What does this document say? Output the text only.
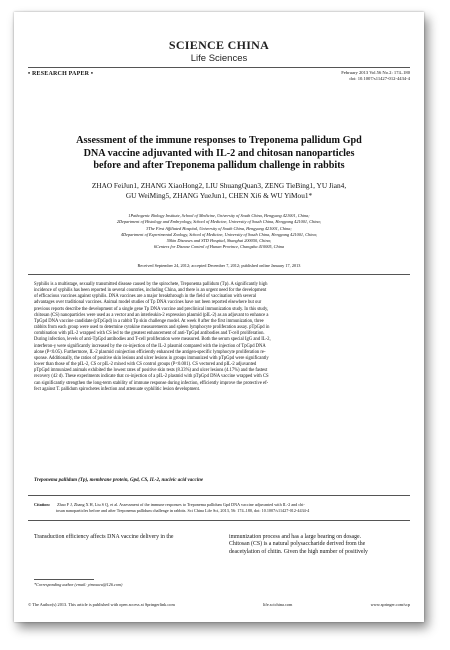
SCIENCE CHINA
Life Sciences
• RESEARCH PAPER •	February 2013 Vol.56 No.2: 174–180
doi: 10.1007/s11427-012-4434-4
Assessment of the immune responses to Treponema pallidum Gpd
DNA vaccine adjuvanted with IL-2 and chitosan nanoparticles
before and after Treponema pallidum challenge in rabbits
ZHAO FeiJun1, ZHANG XiaoHong2, LIU ShuangQuan3, ZENG TieBing1, YU Jian4,
GU WeiMing5, ZHANG YueJun1, CHEN Xi6 & WU YiMou1*
1Pathogenic Biology Institute, School of Medicine, University of South China, Hengyang 421001, China;
2Department of Histology and Embryology, School of Medicine, University of South China, Hengyang 421001, China;
3The First Affiliated Hospital, University of South China, Hengyang 421001, China;
4Department of Experimental Zoology, School of Medicine, University of South China, Hengyang 421001, China;
5Skin Diseases and STD Hospital, Shanghai 200050, China;
6Centers for Disease Control of Hunan Province, Changsha 410005, China
Received September 24, 2012; accepted December 7, 2012; published online January 17, 2013
Syphilis is a multistage, sexually transmitted disease caused by the spirochete, Treponema pallidum (Tp). A significantly high
incidence of syphilis has been reported in several countries, including China, and there is an urgent need for the development
of efficacious vaccines against syphilis. DNA vaccines are a major breakthrough in the field of vaccination with several
advantages over traditional vaccines. Animal model studies of Tp DNA vaccines have not been reported elsewhere but our
previous reports describe the development of a single gene Tp DNA vaccine and preclinical immunization study. In this study,
chitosan (CS) nanoparticles were used as a vector and an interleukin-2 expression plasmid (pIL-2) as an adjuvant to enhance a
TpGpd DNA vaccine candidate (pTpGpd) in a rabbit Tp skin challenge model. At week 8 after the first immunization, three
rabbits from each group were used to determine cytokine measurements and spleen lymphocyte proliferation assay. pTpGpd in
combination with pIL-2 wrapped with CS led to the greatest enhancement of anti-TpGpd antibodies and T-cell proliferation.
During infection, levels of anti-TpGpd antibodies and T-cell proliferation were measured. Both the serum special IgG and IL-2,
interferon-γ were significantly increased by the co-injection of the IL-2 plasmid compared with the injection of TpGpd DNA
alone (P<0.05). Furthermore, IL-2 plasmid coinjection efficiently enhanced the antigen-specific lymphocyte proliferation re-
sponse. Additionally, the ratios of positive skin lesions and ulcer lesions in groups immunized with pTpGpd were significantly
lower than those of the pIL-2, CS or pIL-2 mixed with CS control groups (P<0.001). CS vectored and pIL-2 adjuvanted
pTpGpd immunized animals exhibited the lowest rates of positive skin tests (8.33%) and ulcer lesions (4.17%) and the fastest
recovery (42 d). These experiments indicate that co-injection of a pIL-2 plasmid with pTpGpd DNA vaccine wrapped with CS
can significantly strengthen the long-term stability of immune response during infection, efficiently improve the protective ef-
fect against T. pallidum spirochetes infection and attenuate syphilitic lesion development.
Treponema pallidum (Tp), membrane protein, Gpd, CS, IL-2, nucleic acid vaccine
Citation: Zhao F J, Zhang X H, Liu S Q, et al. Assessment of the immune responses to Treponema pallidum Gpd DNA vaccine adjuvanted with IL-2 and chi-
tosan nanoparticles before and after Treponema pallidum challenge in rabbits. Sci China Life Sci, 2013, 56: 174–180, doi: 10.1007/s11427-012-4434-4
Transduction efficiency affects DNA vaccine delivery in the	immunization process and has a large bearing on dosage.
Chitosan (CS) is a natural polysaccharide derived from the
deacetylation of chitin. Given the high number of positively
*Corresponding author (email: yimouwu@126.com)
© The Author(s) 2013. This article is published with open access at Springerlink.com	life.scichina.com	www.springer.com/scp
